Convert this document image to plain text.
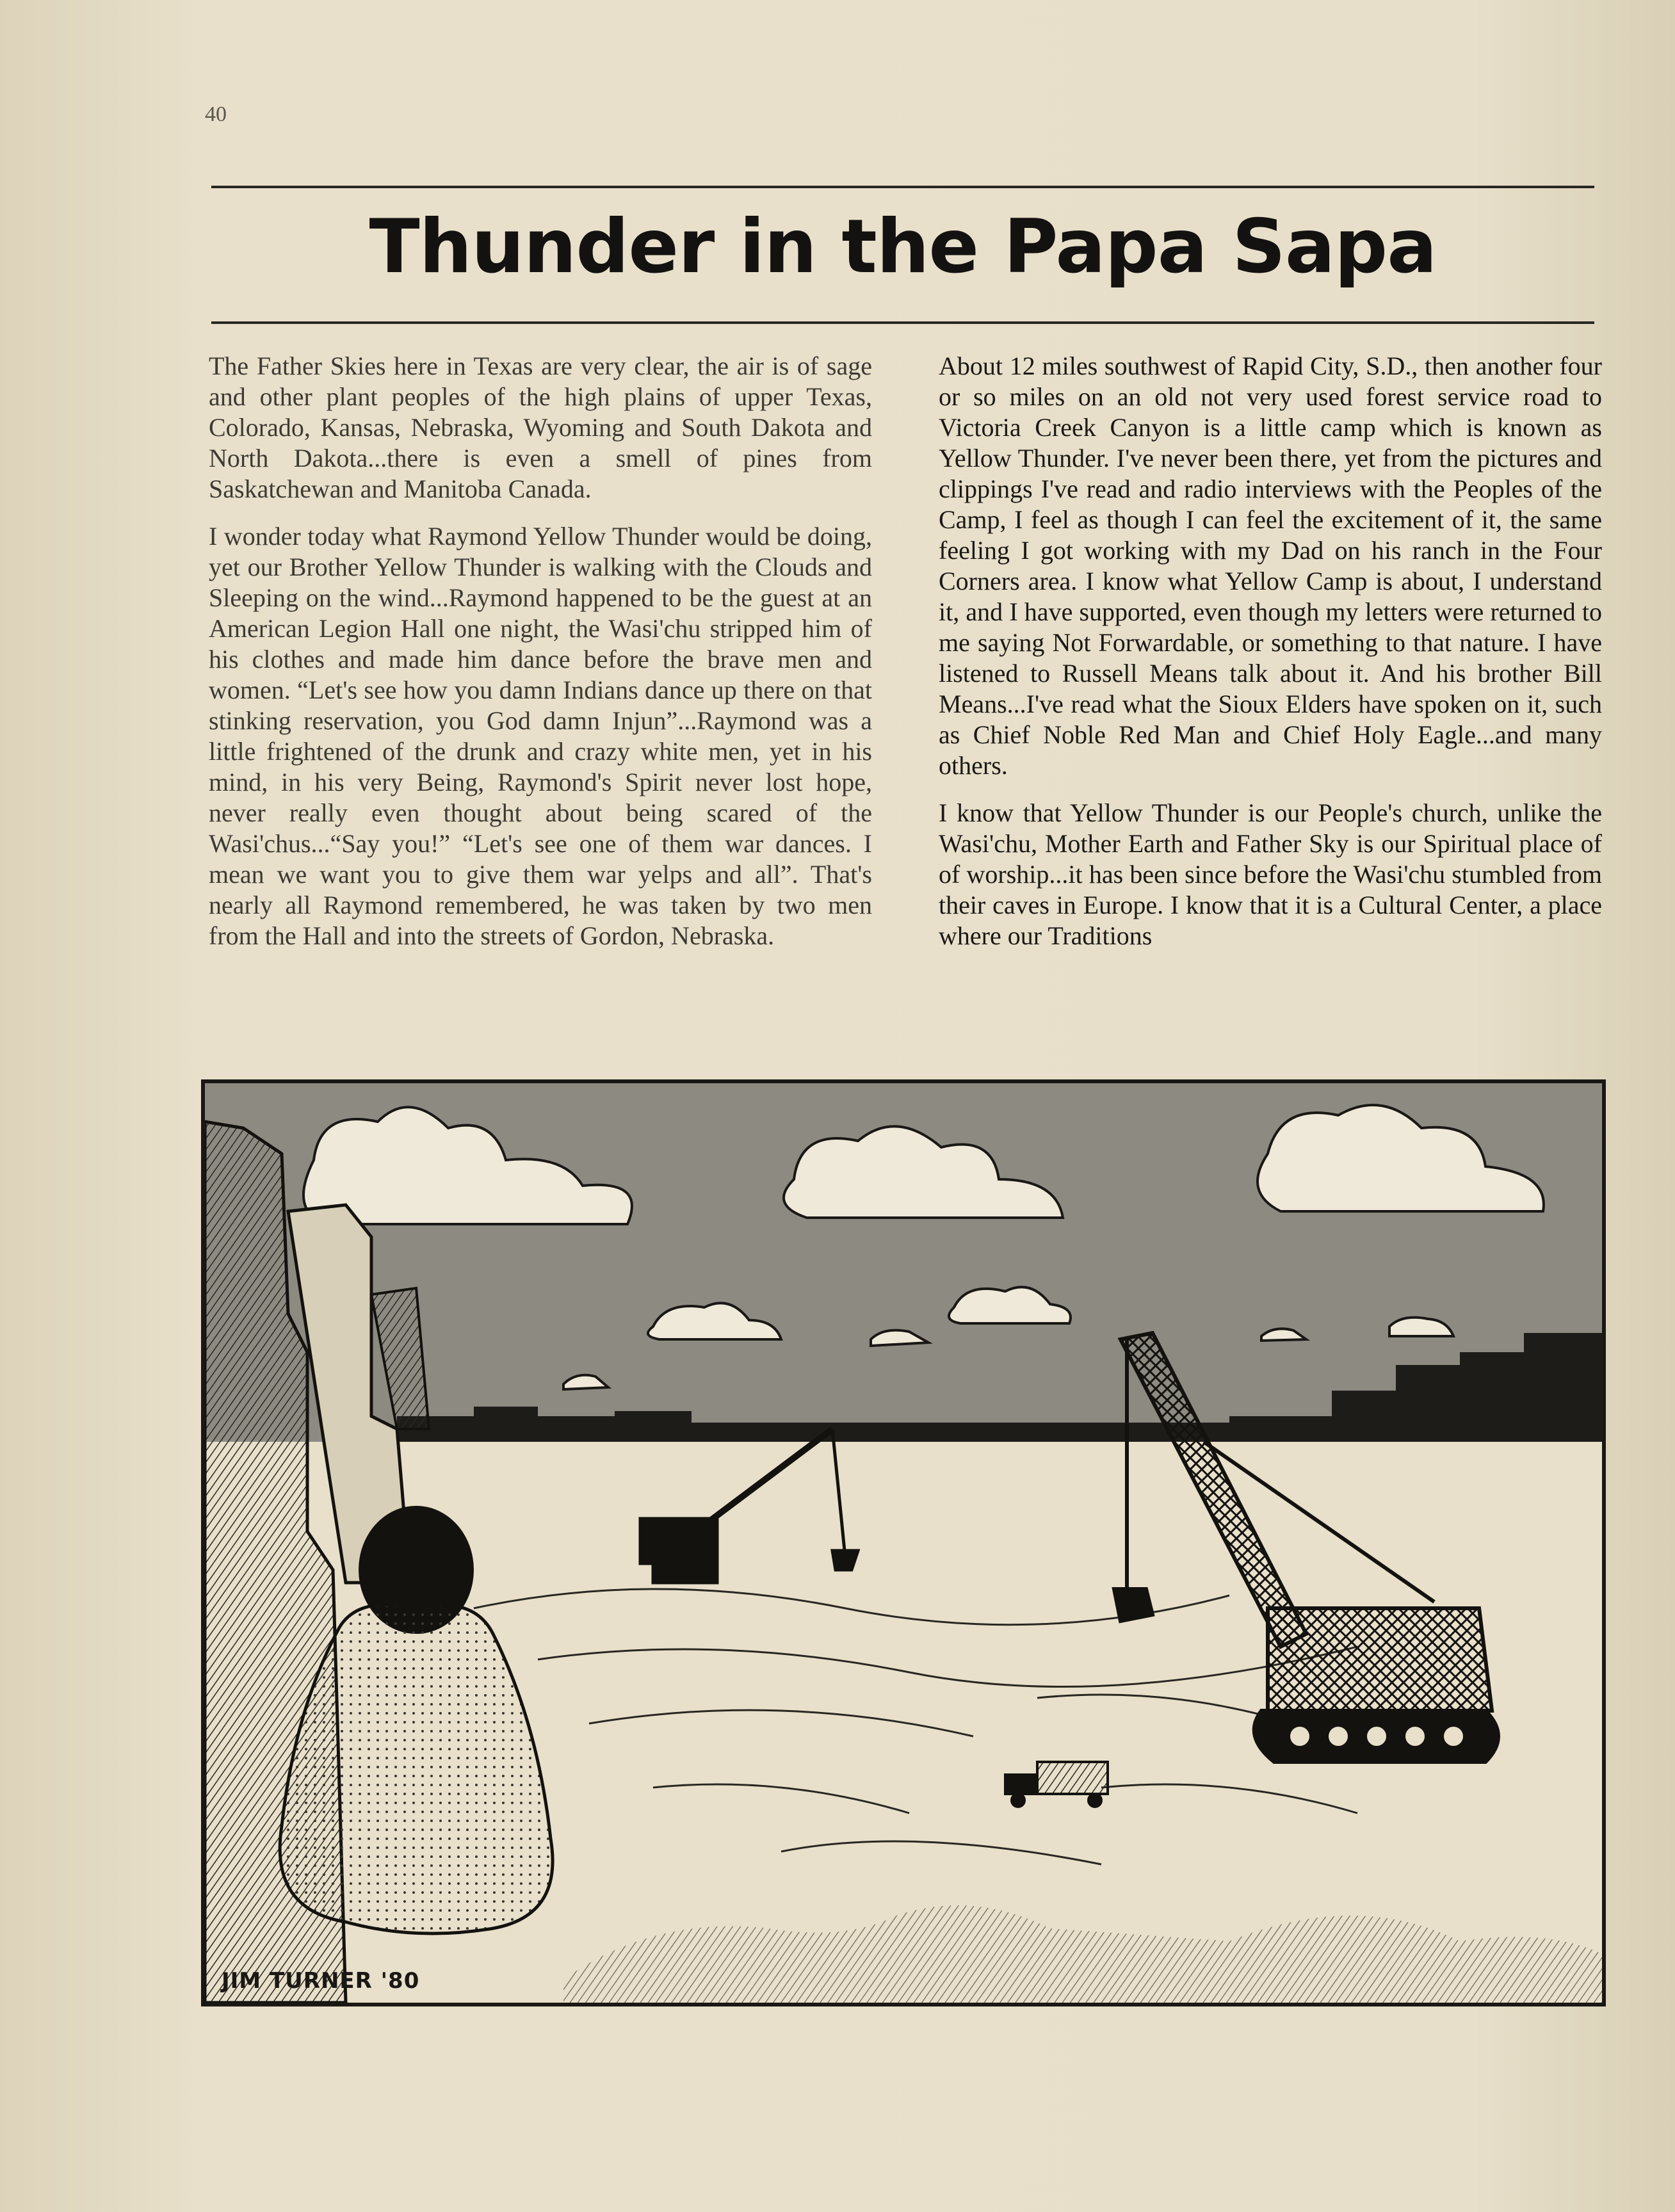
40
Thunder in the Papa Sapa

The Father Skies here in Texas are very clear, the air is of sage and other plant peoples of the high plains of upper Texas, Colorado, Kansas, Nebraska, Wyoming and South Dakota and North Dakota...there is even a smell of pines from Saskatchewan and Manitoba Canada.

I wonder today what Raymond Yellow Thunder would be doing, yet our Brother Yellow Thunder is walking with the Clouds and Sleeping on the wind...Raymond happened to be the guest at an American Legion Hall one night, the Wasi'chu stripped him of his clothes and made him dance before the brave men and women. “Let's see how you damn Indians dance up there on that stinking reservation, you God damn Injun”...Raymond was a little frightened of the drunk and crazy white men, yet in his mind, in his very Being, Raymond's Spirit never lost hope, never really even thought about being scared of the Wasi'chus...“Say you!” “Let's see one of them war dances. I mean we want you to give them war yelps and all”. That's nearly all Raymond remembered, he was taken by two men from the Hall and into the streets of Gordon, Nebraska.

About 12 miles southwest of Rapid City, S.D., then another four or so miles on an old not very used forest service road to Victoria Creek Canyon is a little camp which is known as Yellow Thunder. I've never been there, yet from the pictures and clippings I've read and radio interviews with the Peoples of the Camp, I feel as though I can feel the excitement of it, the same feeling I got working with my Dad on his ranch in the Four Corners area. I know what Yellow Camp is about, I understand it, and I have supported, even though my letters were returned to me saying Not Forwardable, or something to that nature. I have listened to Russell Means talk about it. And his brother Bill Means...I've read what the Sioux Elders have spoken on it, such as Chief Noble Red Man and Chief Holy Eagle...and many others.

I know that Yellow Thunder is our People's church, unlike the Wasi'chu, Mother Earth and Father Sky is our Spiritual place of of worship...it has been since before the Wasi'chu stumbled from their caves in Europe. I know that it is a Cultural Center, a place where our Traditions

JIM TURNER '80
